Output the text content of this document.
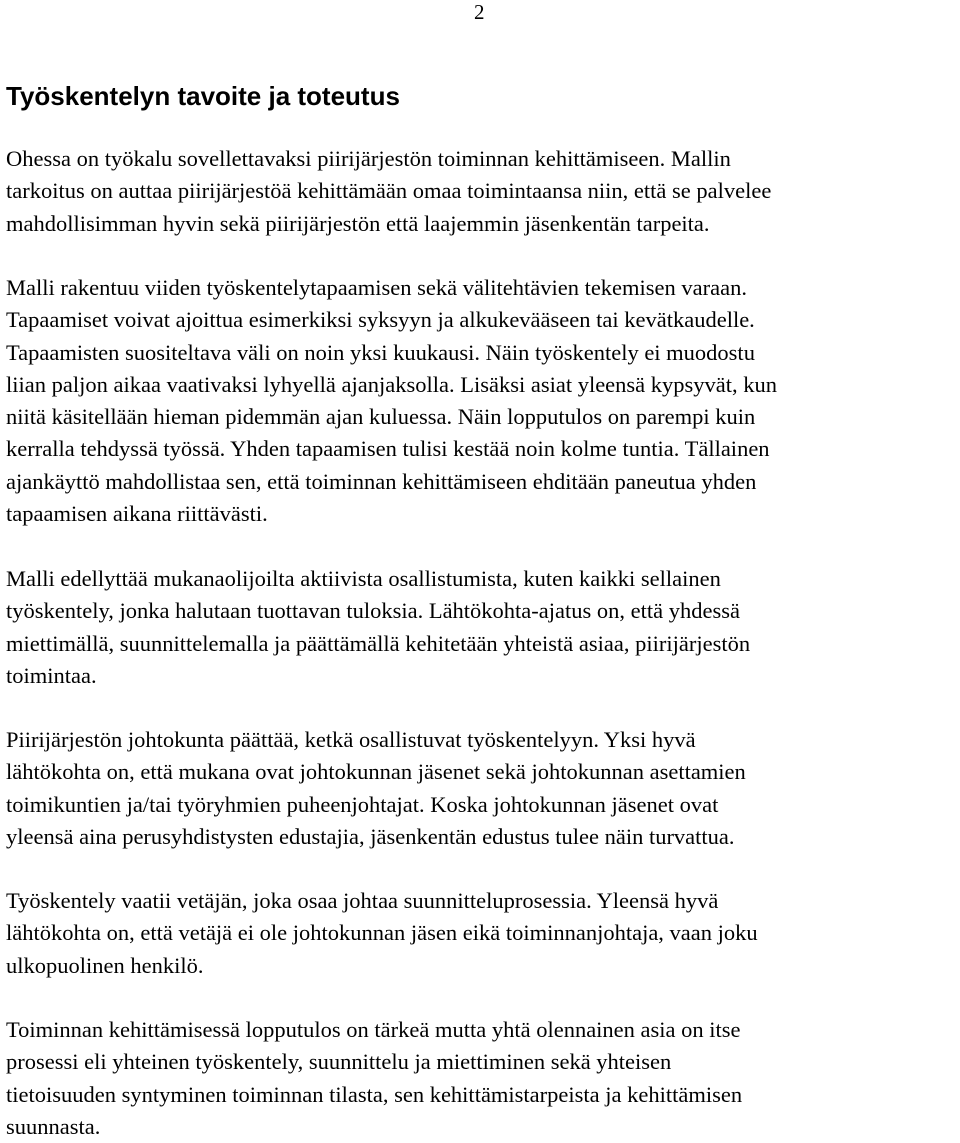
2
Työskentelyn tavoite ja toteutus

Ohessa on työkalu sovellettavaksi piirijärjestön toiminnan kehittämiseen. Mallin
tarkoitus on auttaa piirijärjestöä kehittämään omaa toimintaansa niin, että se palvelee
mahdollisimman hyvin sekä piirijärjestön että laajemmin jäsenkentän tarpeita.

Malli rakentuu viiden työskentelytapaamisen sekä välitehtävien tekemisen varaan.
Tapaamiset voivat ajoittua esimerkiksi syksyyn ja alkukevääseen tai kevätkaudelle.
Tapaamisten suositeltava väli on noin yksi kuukausi. Näin työskentely ei muodostu
liian paljon aikaa vaativaksi lyhyellä ajanjaksolla. Lisäksi asiat yleensä kypsyvät, kun
niitä käsitellään hieman pidemmän ajan kuluessa. Näin lopputulos on parempi kuin
kerralla tehdyssä työssä. Yhden tapaamisen tulisi kestää noin kolme tuntia. Tällainen
ajankäyttö mahdollistaa sen, että toiminnan kehittämiseen ehditään paneutua yhden
tapaamisen aikana riittävästi.

Malli edellyttää mukanaolijoilta aktiivista osallistumista, kuten kaikki sellainen
työskentely, jonka halutaan tuottavan tuloksia. Lähtökohta-ajatus on, että yhdessä
miettimällä, suunnittelemalla ja päättämällä kehitetään yhteistä asiaa, piirijärjestön
toimintaa.

Piirijärjestön johtokunta päättää, ketkä osallistuvat työskentelyyn. Yksi hyvä
lähtökohta on, että mukana ovat johtokunnan jäsenet sekä johtokunnan asettamien
toimikuntien ja/tai työryhmien puheenjohtajat. Koska johtokunnan jäsenet ovat
yleensä aina perusyhdistysten edustajia, jäsenkentän edustus tulee näin turvattua.

Työskentely vaatii vetäjän, joka osaa johtaa suunnitteluprosessia. Yleensä hyvä
lähtökohta on, että vetäjä ei ole johtokunnan jäsen eikä toiminnanjohtaja, vaan joku
ulkopuolinen henkilö.

Toiminnan kehittämisessä lopputulos on tärkeä mutta yhtä olennainen asia on itse
prosessi eli yhteinen työskentely, suunnittelu ja miettiminen sekä yhteisen
tietoisuuden syntyminen toiminnan tilasta, sen kehittämistarpeista ja kehittämisen
suunnasta.
